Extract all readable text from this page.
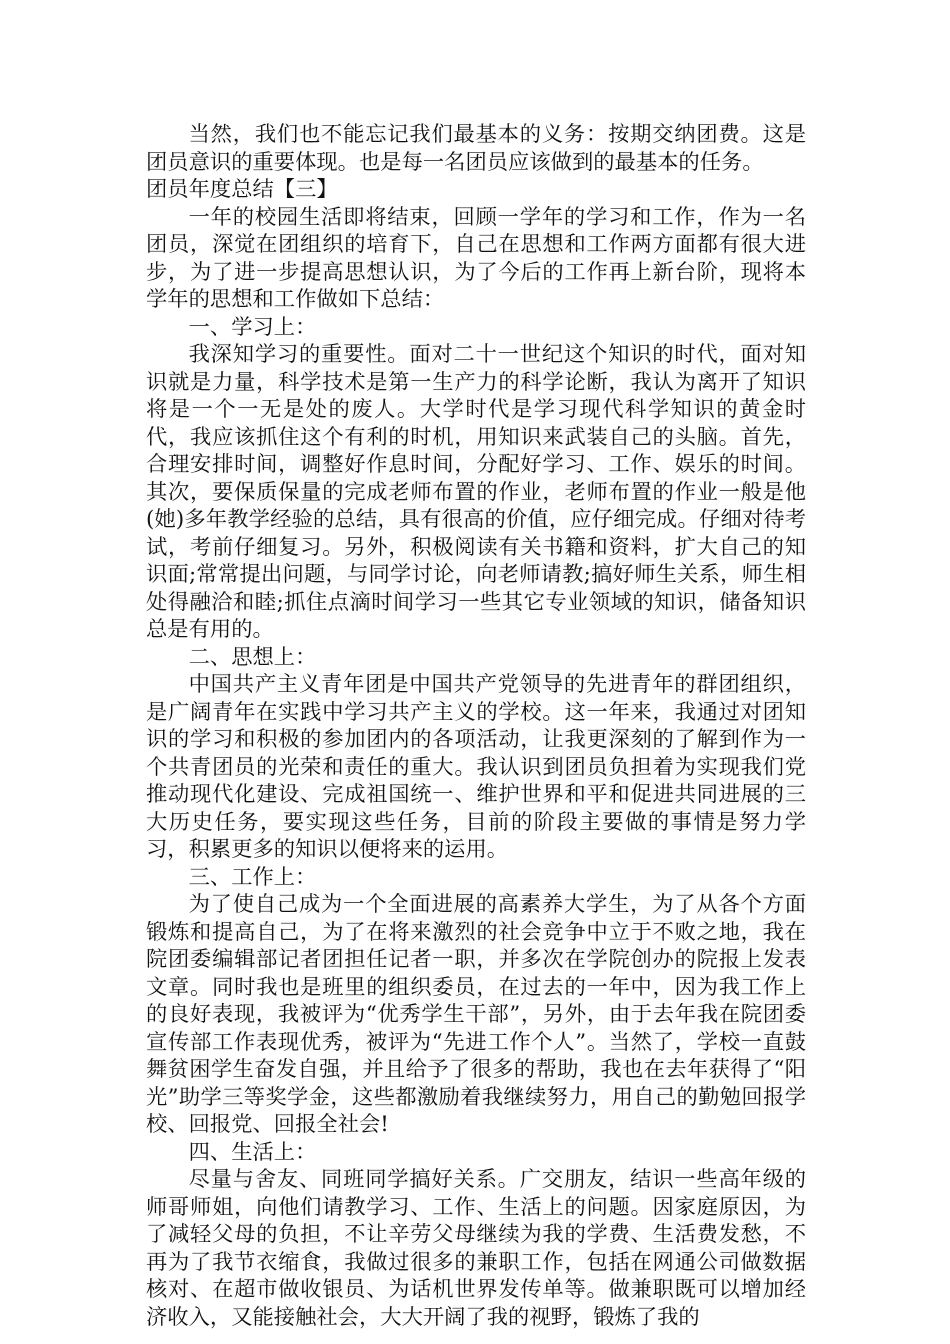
当然，我们也不能忘记我们最基本的义务：按期交纳团费。这是团员意识的重要体现。也是每一名团员应该做到的最基本的任务。

团员年度总结【三】

一年的校园生活即将结束，回顾一学年的学习和工作，作为一名团员，深觉在团组织的培育下，自己在思想和工作两方面都有很大进步，为了进一步提高思想认识，为了今后的工作再上新台阶，现将本学年的思想和工作做如下总结：

一、学习上：

我深知学习的重要性。面对二十一世纪这个知识的时代，面对知识就是力量，科学技术是第一生产力的科学论断，我认为离开了知识将是一个一无是处的废人。大学时代是学习现代科学知识的黄金时代，我应该抓住这个有利的时机，用知识来武装自己的头脑。首先，合理安排时间，调整好作息时间，分配好学习、工作、娱乐的时间。其次，要保质保量的完成老师布置的作业，老师布置的作业一般是他(她)多年教学经验的总结，具有很高的价值，应仔细完成。仔细对待考试，考前仔细复习。另外，积极阅读有关书籍和资料，扩大自己的知识面;常常提出问题，与同学讨论，向老师请教;搞好师生关系，师生相处得融洽和睦;抓住点滴时间学习一些其它专业领域的知识，储备知识总是有用的。

二、思想上：

中国共产主义青年团是中国共产党领导的先进青年的群团组织，是广阔青年在实践中学习共产主义的学校。这一年来，我通过对团知识的学习和积极的参加团内的各项活动，让我更深刻的了解到作为一个共青团员的光荣和责任的重大。我认识到团员负担着为实现我们党推动现代化建设、完成祖国统一、维护世界和平和促进共同进展的三大历史任务，要实现这些任务，目前的阶段主要做的事情是努力学习，积累更多的知识以便将来的运用。

三、工作上：

为了使自己成为一个全面进展的高素养大学生，为了从各个方面锻炼和提高自己，为了在将来激烈的社会竞争中立于不败之地，我在院团委编辑部记者团担任记者一职，并多次在学院创办的院报上发表文章。同时我也是班里的组织委员，在过去的一年中，因为我工作上的良好表现，我被评为“优秀学生干部”，另外，由于去年我在院团委宣传部工作表现优秀，被评为“先进工作个人”。当然了，学校一直鼓舞贫困学生奋发自强，并且给予了很多的帮助，我也在去年获得了“阳光”助学三等奖学金，这些都激励着我继续努力，用自己的勤勉回报学校、回报党、回报全社会!

四、生活上：

尽量与舍友、同班同学搞好关系。广交朋友，结识一些高年级的师哥师姐，向他们请教学习、工作、生活上的问题。因家庭原因，为了减轻父母的负担，不让辛劳父母继续为我的学费、生活费发愁，不再为了我节衣缩食，我做过很多的兼职工作，包括在网通公司做数据核对、在超市做收银员、为话机世界发传单等。做兼职既可以增加经济收入，又能接触社会，大大开阔了我的视野，锻炼了我的
